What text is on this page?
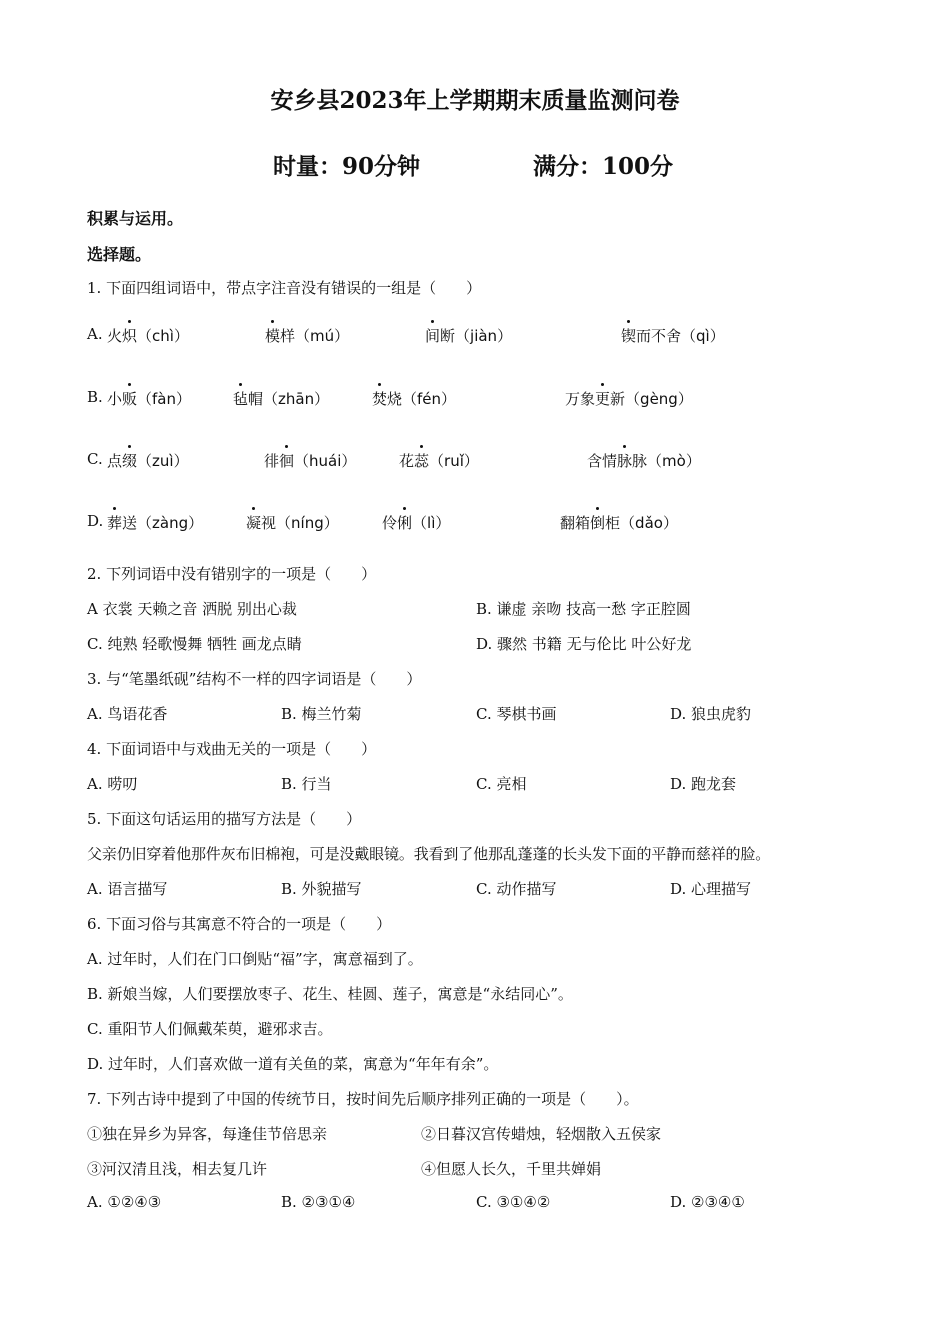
安乡县2023年上学期期末质量监测问卷
时量：90分钟	满分：100分
积累与运用。
选择题。
1. 下面四组词语中，带点字注音没有错误的一组是（　　）
2. 下列词语中没有错别字的一项是（　　）
A 衣裳 天赖之音 洒脱 别出心裁	B. 谦虚 亲吻 技高一愁 字正腔圆
C. 纯熟 轻歌慢舞 牺牲 画龙点睛	D. 骤然 书籍 无与伦比 叶公好龙
3. 与“笔墨纸砚”结构不一样的四字词语是（　　）
A. 鸟语花香	B. 梅兰竹菊	C. 琴棋书画	D. 狼虫虎豹
4. 下面词语中与戏曲无关的一项是（　　）
A. 唠叨	B. 行当	C. 亮相	D. 跑龙套
5. 下面这句话运用的描写方法是（　　）
父亲仍旧穿着他那件灰布旧棉袍，可是没戴眼镜。我看到了他那乱蓬蓬的长头发下面的平静而慈祥的脸。
A. 语言描写	B. 外貌描写	C. 动作描写	D. 心理描写
6. 下面习俗与其寓意不符合的一项是（　　）
A. 过年时，人们在门口倒贴“福”字，寓意福到了。
B. 新娘当嫁，人们要摆放枣子、花生、桂圆、莲子，寓意是“永结同心”。
C. 重阳节人们佩戴茱萸，避邪求吉。
D. 过年时，人们喜欢做一道有关鱼的菜，寓意为“年年有余”。
7. 下列古诗中提到了中国的传统节日，按时间先后顺序排列正确的一项是（　　）。
①独在异乡为异客，每逢佳节倍思亲	②日暮汉宫传蜡烛，轻烟散入五侯家
③河汉清且浅，相去复几许	④但愿人长久，千里共婵娟
A. ①②④③	B. ②③①④	C. ③①④②	D. ②③④①
A. 火炽（chì）	模样（mú）	间断（jiàn）	锲而不舍（qì）
B. 小贩（fàn）	毡帽（zhān）	焚烧（fén）	万象更新（gèng）
C. 点缀（zuì）	徘徊（huái）	花蕊（ruǐ）	含情脉脉（mò）
D. 葬送（zàng）	凝视（níng）	伶俐（lì）	翻箱倒柜（dǎo）
